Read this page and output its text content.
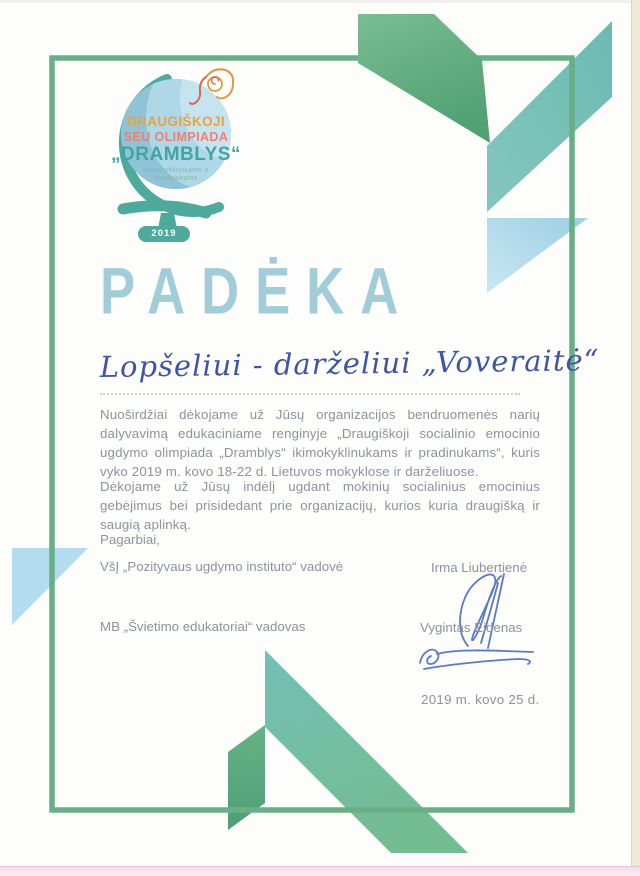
DRAUGIŠKOJI
SEU OLIMPIADA
„DRAMBLYS“
ikimokyklinukams ir
pradinukams
2019
PADĖKA
Lopšeliui - darželiui „Voveraitė“
Nuoširdžiai dėkojame už Jūsų organizacijos bendruomenės narių dalyvavimą edukaciniame renginyje „Draugiškoji socialinio emocinio ugdymo olimpiada „Dramblys“ ikimokyklinukams ir pradinukams“, kuris vyko 2019 m. kovo 18-22 d. Lietuvos mokyklose ir darželiuose.
Dėkojame už Jūsų indėlį ugdant mokinių socialinius emocinius gebėjimus bei prisidedant prie organizacijų, kurios kuria draugišką ir saugią aplinką.
Pagarbiai,
VšĮ „Pozityvaus ugdymo instituto“ vadovė	Irma Liubertienė
MB „Švietimo edukatoriai“ vadovas	Vygintas Eidenas
2019 m. kovo 25 d.
